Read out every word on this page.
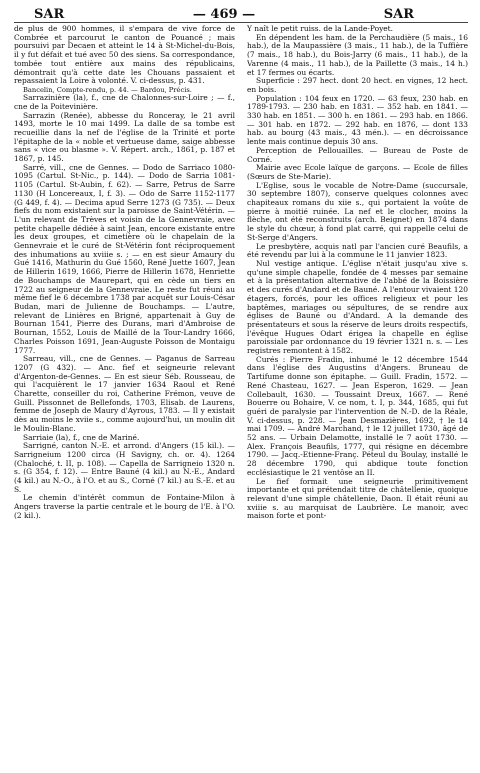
SAR	— 469 —	SAR

de plus de 900 hommes, il s'empara de vive force de Combrée et parcourut le canton de Pouancé ; mais poursuivi par Decaen et atteint le 14 à St-Michel-du-Bois, il y fut défait et tué avec 50 des siens. Sa correspondance, tombée tout entière aux mains des républicains, démontrait qu'à cette date les Chouans passaient et repassaient la Loire à volonté. V. ci-dessus, p. 431.

Bancelin, Compte-rendu, p. 44. — Bardou, Précis.

Sarrazinière (la), f., cne de Chalonnes-sur-Loire ; — f., cne de la Poitevinière.

Sarrazin (Renée), abbesse du Ronceray, le 21 avril 1493, morte le 10 mai 1499. La dalle de sa tombe est recueillie dans la nef de l'église de la Trinité et porte l'épitaphe de la « noble et vertueuse dame, saige abbesse sans « vice ou blasme ». V. Répert. arch., 1861, p. 187 et 1867, p. 145.

Sarré, vill., cne de Gennes. — Dodo de Sarriaco 1080-1095 (Cartul. St-Nic., p. 144). — Dodo de Sarria 1081-1105 (Cartul. St-Aubin, f. 62). — Sarre, Petrus de Sarre 1130 (H Loncereaux, I, f. 3). — Odo de Sarre 1152-1177 (G 449, f. 4). — Decima apud Serre 1273 (G 735). — Deux fiefs du nom existaient sur la paroisse de Saint-Vétérin. — L'un relevant de Trèves et voisin de la Gennevraie, avec petite chapelle dédiée à saint Jean, encore existante entre les deux groupes, et cimetière où le chapelain de la Gennevraie et le curé de St-Vétérin font réciproquement des inhumations au xviiie s. ; — en est sieur Amaury du Gué 1416, Mathurin du Gué 1560, René Juette 1607, Jean de Hillerin 1619, 1666, Pierre de Hillerin 1678, Henriette de Bouchamps de Maurepart, qui en cède un tiers en 1722 au seigneur de la Gennevraie. Le reste fut réuni au même fief le 6 décembre 1738 par acquêt sur Louis-César Budan, mari de Julienne de Bouchamps. — L'autre, relevant de Linières en Brigné, appartenait à Guy de Bournan 1541, Pierre des Durans, mari d'Ambroise de Bournan, 1552, Louis de Maillé de la Tour-Landry 1666, Charles Poisson 1691, Jean-Auguste Poisson de Montaigu 1777.

Sarreau, vill., cne de Gennes. — Paganus de Sarreau 1207 (G 432). — Anc. fief et seigneurie relevant d'Argenton-de-Gennes. — En est sieur Séb. Rousseau, de qui l'acquièrent le 17 janvier 1634 Raoul et René Charette, conseiller du roi, Catherine Frémon, veuve de Guill. Pissonnet de Bellefonds, 1703, Elisab. de Laurens, femme de Joseph de Maury d'Ayrous, 1783. — Il y existait dès au moins le xviie s., comme aujourd'hui, un moulin dit le Moulin-Blanc.

Sarriaie (la), f., cne de Mariné.

Sarrigné, canton N.-E. et arrond. d'Angers (15 kil.). — Sarrigneium 1200 circa (H Savigny, ch. or. 4). 1264 (Chaloché, t. II, p. 108). — Capella de Sarrigneio 1320 n. s. (G 354, f. 12). — Entre Bauné (4 kil.) au N.-E., Andard (4 kil.) au N.-O., à l'O. et au S., Corné (7 kil.) au S.-E. et au S.

Le chemin d'intérêt commun de Fontaine-Milon à Angers traverse la partie centrale et le bourg de l'E. à l'O. (2 kil.).

Y naît le petit ruiss. de la Lande-Poyet.

En dépendent les ham. de la Perchaudière (5 mais., 16 hab.), de la Maupassière (3 mais., 11 hab.), de la Tuffière (7 mais., 18 hab.), du Bois-Jarry (6 mais., 11 hab.), de la Varenne (4 mais., 11 hab.), de la Paillette (3 mais., 14 h.) et 17 fermes ou écarts.

Superficie : 297 hect. dont 20 hect. en vignes, 12 hect. en bois.

Population : 104 feux en 1720. — 63 feux, 230 hab. en 1789-1793. — 230 hab. en 1831. — 352 hab. en 1841. — 330 hab. en 1851. — 300 h. en 1861. — 293 hab. en 1866. — 301 hab. en 1872. — 292 hab. en 1876, — dont 133 hab. au bourg (43 mais., 43 mén.). — en décroissance lente mais continue depuis 30 ans.

Perception de Pellouailles. — Bureau de Poste de Corné.

Mairie avec Ecole laïque de garçons. — Ecole de filles (Sœurs de Ste-Marie).

L'Eglise, sous le vocable de Notre-Dame (succursale, 30 septembre 1807), conserve quelques colonnes avec chapiteaux romans du xiie s., qui portaient la voûte de pierre à moitié ruinée. La nef et le clocher, moins la flèche, ont été reconstruits (arch. Beignet) en 1874 dans le style du chœur, à fond plat carré, qui rappelle celui de St-Serge d'Angers.

Le presbytère, acquis natl par l'ancien curé Beaufils, a été revendu par lui à la commune le 11 janvier 1823.

Nul vestige antique. L'église n'était jusqu'au xive s. qu'une simple chapelle, fondée de 4 messes par semaine et à la présentation alternative de l'abbé de la Boissière et des curés d'Andard et de Bauné. A l'entour vivaient 120 étagers, forcés, pour les offices religieux et pour les baptêmes, mariages ou sépultures, de se rendre aux églises de Bauné ou d'Andard. A la demande des présentateurs et sous la réserve de leurs droits respectifs, l'évêque Hugues Odart érigea la chapelle en église paroissiale par ordonnance du 19 février 1321 n. s. — Les registres remontent à 1582.

Curés : Pierre Fradin, inhumé le 12 décembre 1544 dans l'église des Augustins d'Angers. Bruneau de Tartifume donne son épitaphe. — Guill. Fradin, 1572. — René Chasteau, 1627. — Jean Esperon, 1629. — Jean Collebault, 1630. — Toussaint Dreux, 1667. — René Bouerre ou Bohaire, V. ce nom, t. I, p. 344, 1685, qui fut guéri de paralysie par l'intervention de N.-D. de la Réale, V. ci-dessus, p. 228. — Jean Desmazières, 1692, † le 14 mai 1709. — André Marchand, † le 12 juillet 1730, âgé de 52 ans. — Urbain Delamotte, installé le 7 août 1730. — Alex. François Beaufils, 1777, qui résigne en décembre 1790. — Jacq.-Etienne-Franç. Péteul du Boulay, installé le 28 décembre 1790, qui abdique toute fonction ecclésiastique le 21 ventôse an II.

Le fief formait une seigneurie primitivement importante et qui prétendait titre de châtellenie, quoique relevant d'une simple châtellenie, Daon. Il était réuni au xviiie s. au marquisat de Laubrière. Le manoir, avec maison forte et pont-
